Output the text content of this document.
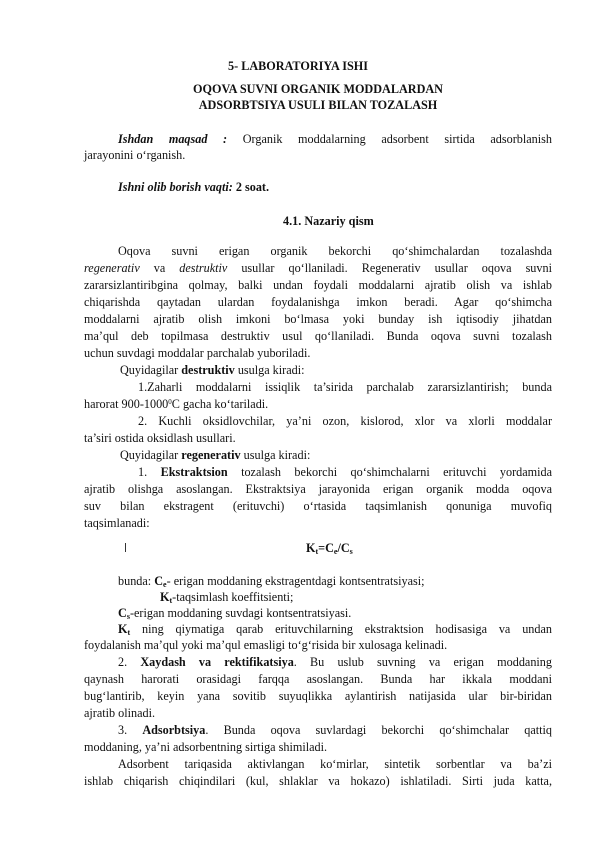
5- LABORATORIYA ISHI
OQOVA SUVNI ORGANIK MODDALARDAN
ADSORBTSIYA USULI BILAN TOZALASH
Ishdan maqsad : Organik moddalarning adsorbent sirtida adsorblanish
jarayonini o‘rganish.
Ishni olib borish vaqti: 2 soat.
4.1. Nazariy qism
Oqova suvni erigan organik bekorchi qo‘shimchalardan tozalashda
regenerativ va destruktiv usullar qo‘llaniladi. Regenerativ usullar oqova suvni
zararsizlantiribgina qolmay, balki undan foydali moddalarni ajratib olish va ishlab
chiqarishda qaytadan ulardan foydalanishga imkon beradi. Agar qo‘shimcha
moddalarni ajratib olish imkoni bo‘lmasa yoki bunday ish iqtisodiy jihatdan
ma’qul deb topilmasa destruktiv usul qo‘llaniladi. Bunda oqova suvni tozalash
uchun suvdagi moddalar parchalab yuboriladi.
Quyidagilar destruktiv usulga kiradi:
1.Zaharli moddalarni issiqlik ta’sirida parchalab zararsizlantirish; bunda
harorat 900-1000$^0$C gacha ko‘tariladi.
2. Kuchli oksidlovchilar, ya’ni ozon, kislorod, xlor va xlorli moddalar
ta’siri ostida oksidlash usullari.
Quyidagilar regenerativ usulga kiradi:
1. Ekstraktsion tozalash bekorchi qo‘shimchalarni erituvchi yordamida
ajratib olishga asoslangan. Ekstraktsiya jarayonida erigan organik modda oqova
suv bilan ekstragent (erituvchi) o‘rtasida taqsimlanish qonuniga muvofiq
taqsimlanadi:
$K_t=C_e/C_s$
bunda: $C_e-$ erigan moddaning ekstragentdagi kontsentratsiyasi;
$K_t$-taqsimlash koeffitsienti;
$C_s$-erigan moddaning suvdagi kontsentratsiyasi.
$K_t$ ning qiymatiga qarab erituvchilarning ekstraktsion hodisasiga va undan
foydalanish ma’qul yoki ma’qul emasligi to‘g‘risida bir xulosaga kelinadi.
2. Xaydash va rektifikatsiya. Bu uslub suvning va erigan moddaning
qaynash harorati orasidagi farqqa asoslangan. Bunda har ikkala moddani
bug‘lantirib, keyin yana sovitib suyuqlikka aylantirish natijasida ular bir-biridan
ajratib olinadi.
3. Adsorbtsiya. Bunda oqova suvlardagi bekorchi qo‘shimchalar qattiq
moddaning, ya’ni adsorbentning sirtiga shimiladi.
Adsorbent tariqasida aktivlangan ko‘mirlar, sintetik sorbentlar va ba’zi
ishlab chiqarish chiqindilari (kul, shlaklar va hokazo) ishlatiladi. Sirti juda katta,
